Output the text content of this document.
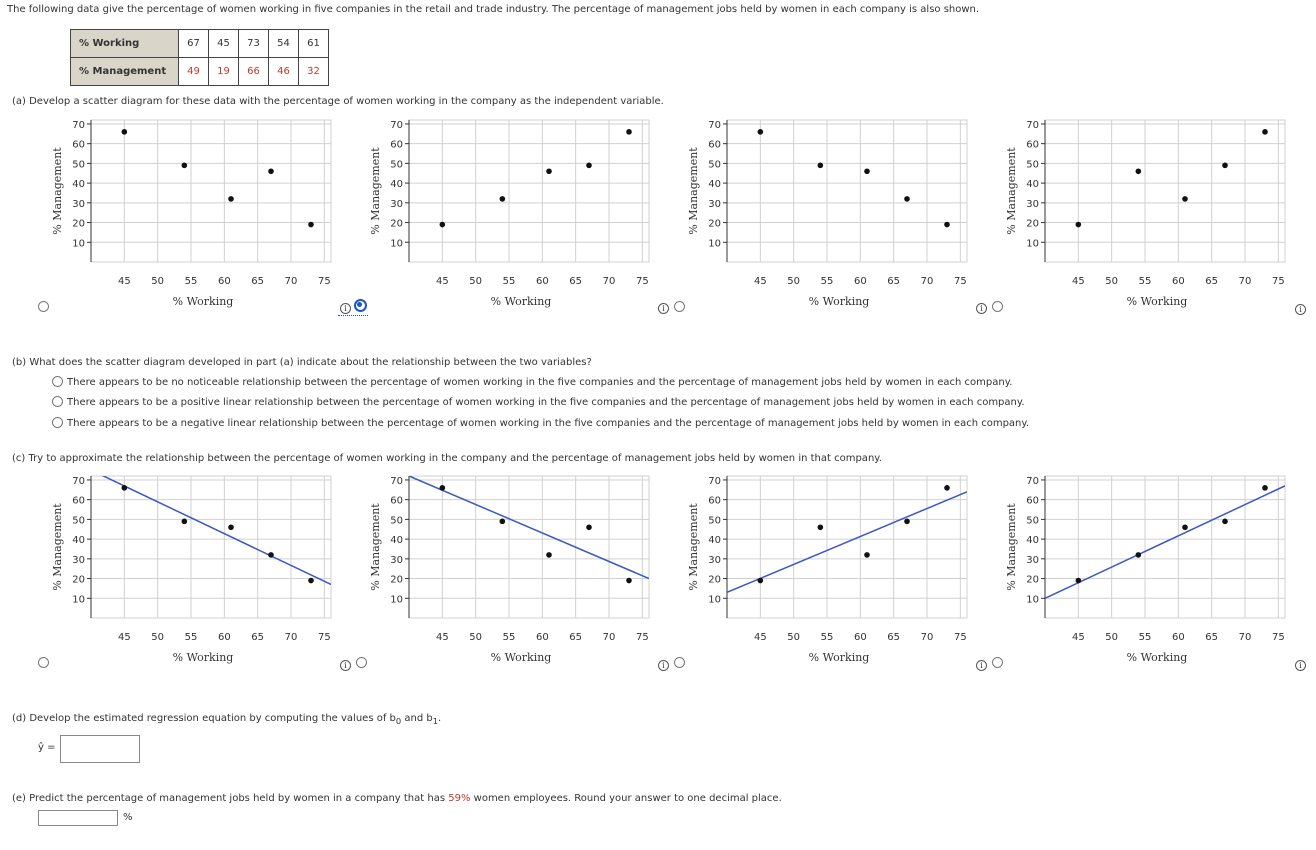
The following data give the percentage of women working in five companies in the retail and trade industry. The percentage of management jobs held by women in each company is also shown.
% Working	67	45	73	54	61
% Management	49	19	66	46	32
(a) Develop a scatter diagram for these data with the percentage of women working in the company as the independent variable.
45 50 55 60 65 70 75
10
20
30
40
50
60
70
% Working
% Management
45 50 55 60 65 70 75
10
20
30
40
50
60
70
% Working
% Management
45 50 55 60 65 70 75
10
20
30
40
50
60
70
% Working
% Management
45 50 55 60 65 70 75
10
20
30
40
50
60
70
% Working
% Management
i	i	i	i
(b) What does the scatter diagram developed in part (a) indicate about the relationship between the two variables?
There appears to be no noticeable relationship between the percentage of women working in the five companies and the percentage of management jobs held by women in each company.
There appears to be a positive linear relationship between the percentage of women working in the five companies and the percentage of management jobs held by women in each company.
There appears to be a negative linear relationship between the percentage of women working in the five companies and the percentage of management jobs held by women in each company.
(c) Try to approximate the relationship between the percentage of women working in the company and the percentage of management jobs held by women in that company.
45 50 55 60 65 70 75
10
20
30
40
50
60
70
% Working
% Management
45 50 55 60 65 70 75
10
20
30
40
50
60
70
% Working
% Management
45 50 55 60 65 70 75
10
20
30
40
50
60
70
% Working
% Management
45 50 55 60 65 70 75
10
20
30
40
50
60
70
% Working
% Management
i	i	i	i
(d) Develop the estimated regression equation by computing the values of $b_0$ and $b_1$.
ŷ =
(e) Predict the percentage of management jobs held by women in a company that has 59% women employees. Round your answer to one decimal place.
%
